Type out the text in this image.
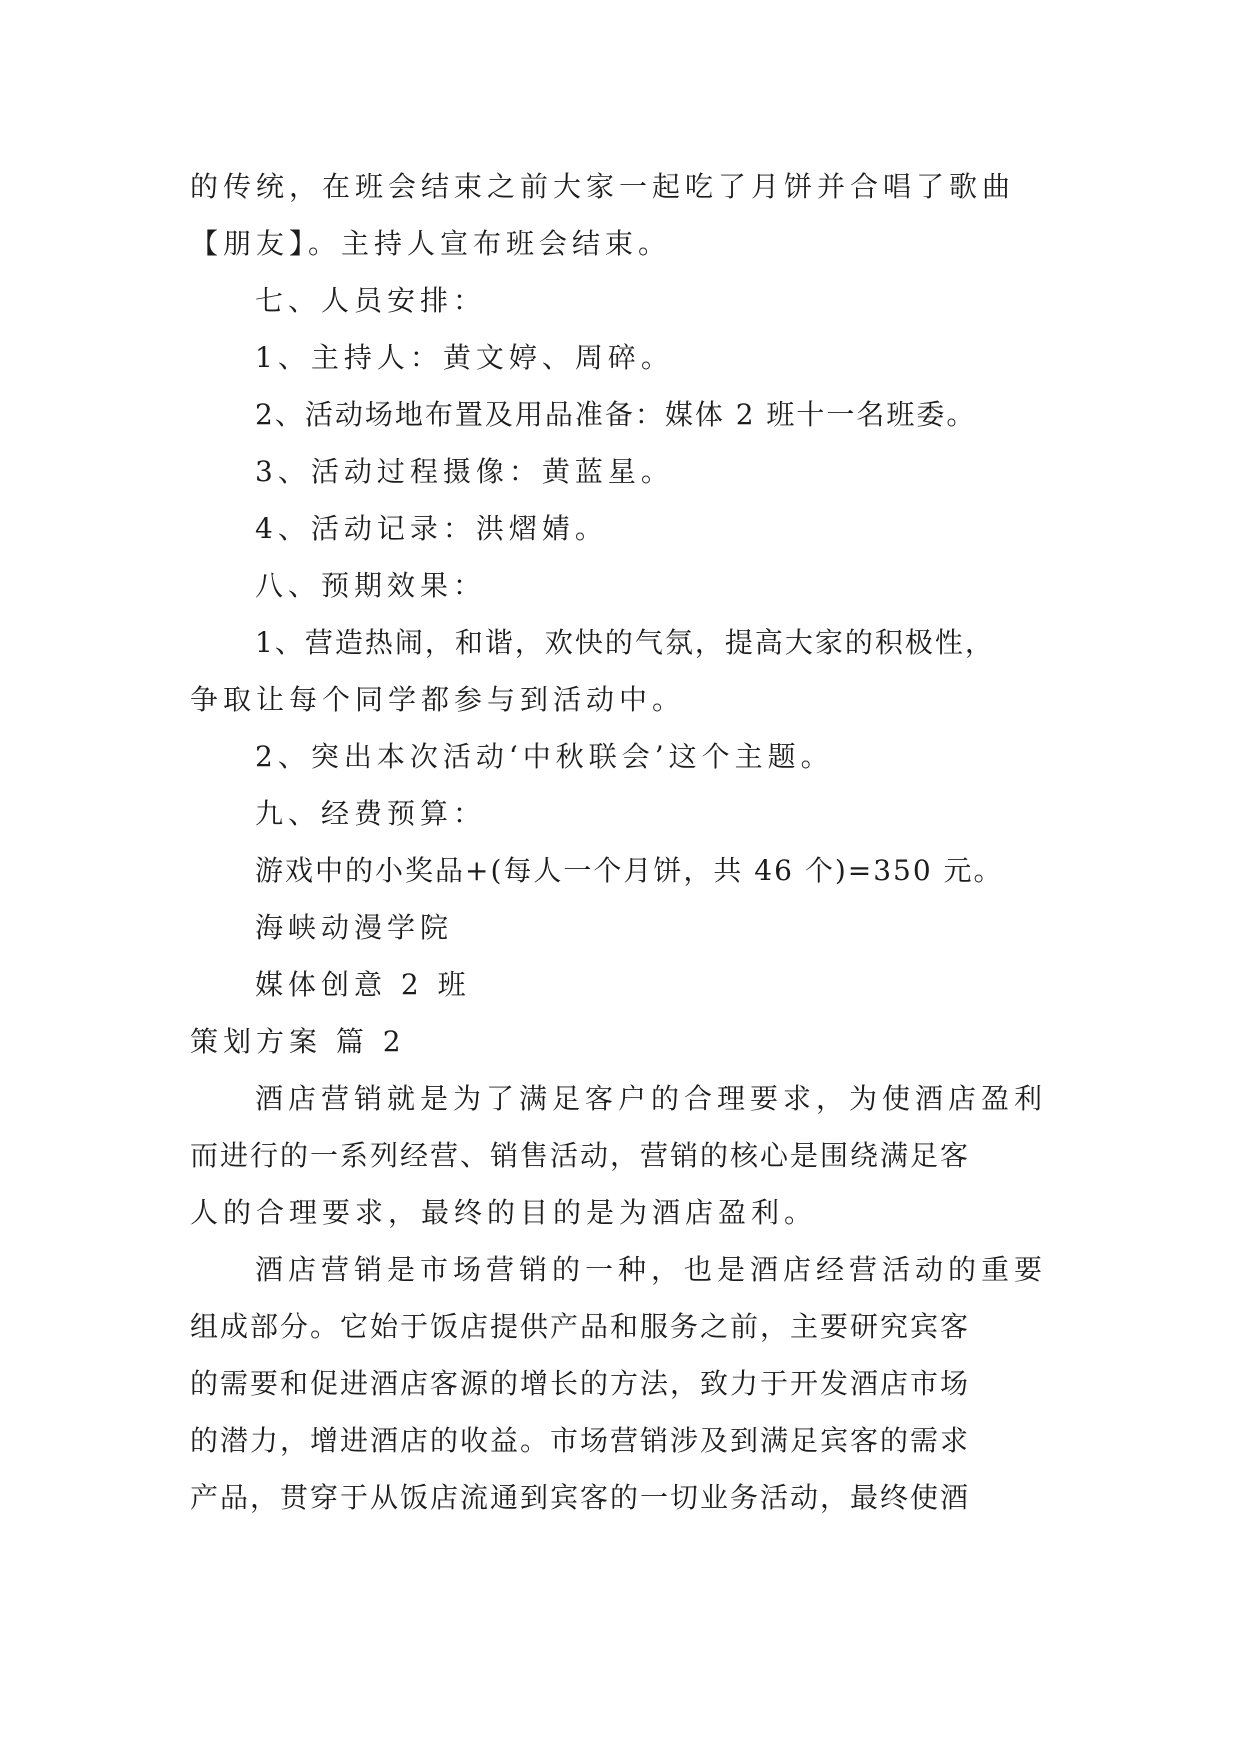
的传统，在班会结束之前大家一起吃了月饼并合唱了歌曲
【朋友】。主持人宣布班会结束。
七、人员安排：
1、主持人：黄文婷、周碎。
2、活动场地布置及用品准备：媒体 2 班十一名班委。
3、活动过程摄像：黄蓝星。
4、活动记录：洪熠婧。
八、预期效果：
1、营造热闹，和谐，欢快的气氛，提高大家的积极性，
争取让每个同学都参与到活动中。
2、突出本次活动‘中秋联会’这个主题。
九、经费预算：
游戏中的小奖品+(每人一个月饼，共 46 个)=350 元。
海峡动漫学院
媒体创意 2 班
策划方案 篇 2
酒店营销就是为了满足客户的合理要求，为使酒店盈利
而进行的一系列经营、销售活动，营销的核心是围绕满足客
人的合理要求，最终的目的是为酒店盈利。
酒店营销是市场营销的一种，也是酒店经营活动的重要
组成部分。它始于饭店提供产品和服务之前，主要研究宾客
的需要和促进酒店客源的增长的方法，致力于开发酒店市场
的潜力，增进酒店的收益。市场营销涉及到满足宾客的需求
产品，贯穿于从饭店流通到宾客的一切业务活动，最终使酒
